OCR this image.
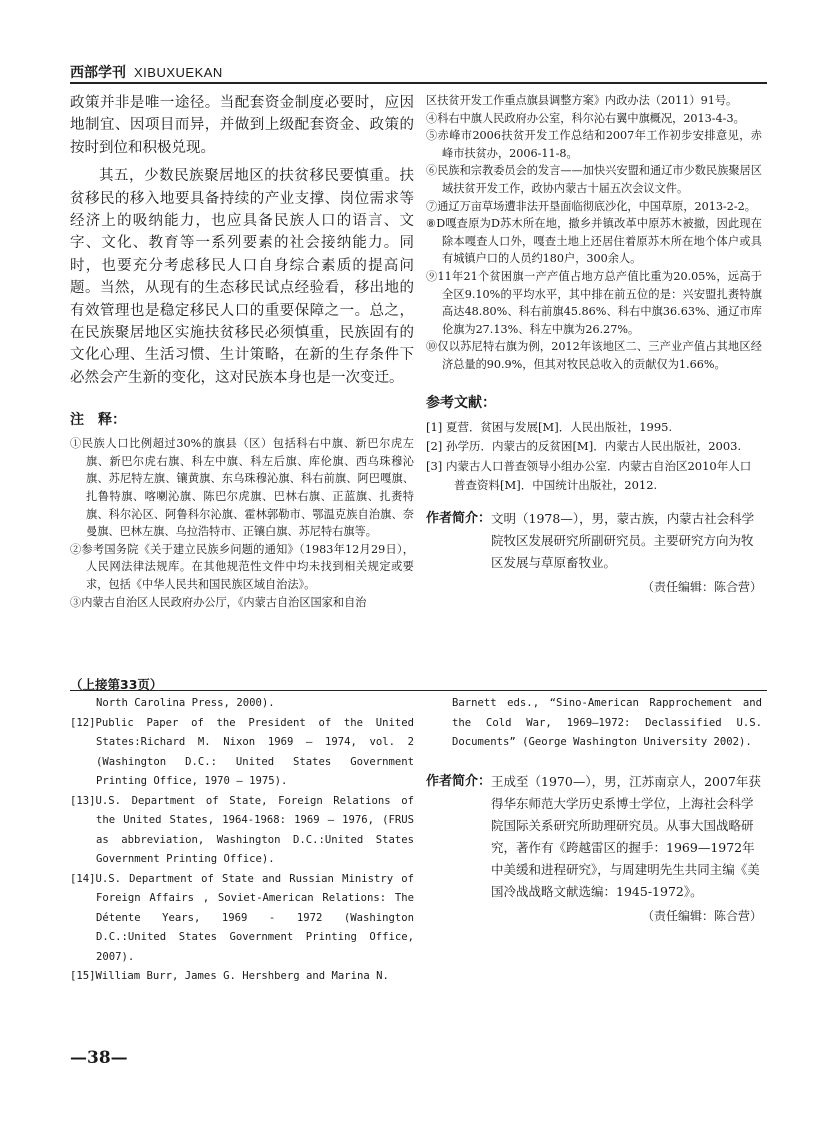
西部学刊 XIBUXUEKAN

政策并非是唯一途径。当配套资金制度必要时，应因地制宜、因项目而异，并做到上级配套资金、政策的按时到位和积极兑现。

其五，少数民族聚居地区的扶贫移民要慎重。扶贫移民的移入地要具备持续的产业支撑、岗位需求等经济上的吸纳能力，也应具备民族人口的语言、文字、文化、教育等一系列要素的社会接纳能力。同时，也要充分考虑移民人口自身综合素质的提高问题。当然，从现有的生态移民试点经验看，移出地的有效管理也是稳定移民人口的重要保障之一。总之，在民族聚居地区实施扶贫移民必须慎重，民族固有的文化心理、生活习惯、生计策略，在新的生存条件下必然会产生新的变化，这对民族本身也是一次变迁。

注　释：

①民族人口比例超过30%的旗县（区）包括科右中旗、新巴尔虎左旗、新巴尔虎右旗、科左中旗、科左后旗、库伦旗、西乌珠穆沁旗、苏尼特左旗、镶黄旗、东乌珠穆沁旗、科右前旗、阿巴嘎旗、扎鲁特旗、喀喇沁旗、陈巴尔虎旗、巴林右旗、正蓝旗、扎赉特旗、科尔沁区、阿鲁科尔沁旗、霍林郭勒市、鄂温克族自治旗、奈曼旗、巴林左旗、乌拉浩特市、正镶白旗、苏尼特右旗等。

②参考国务院《关于建立民族乡问题的通知》（1983年12月29日），人民网法律法规库。在其他规范性文件中均未找到相关规定或要求，包括《中华人民共和国民族区域自治法》。

③内蒙古自治区人民政府办公厅，《内蒙古自治区国家和自治

区扶贫开发工作重点旗县调整方案》内政办法（2011）91号。

④科右中旗人民政府办公室，科尔沁右翼中旗概况，2013-4-3。

⑤赤峰市2006扶贫开发工作总结和2007年工作初步安排意见，赤峰市扶贫办，2006-11-8。

⑥民族和宗教委员会的发言——加快兴安盟和通辽市少数民族聚居区域扶贫开发工作，政协内蒙古十届五次会议文件。

⑦通辽万亩草场遭非法开垦面临彻底沙化，中国草原，2013-2-2。

⑧D嘎查原为D苏木所在地，撤乡并镇改革中原苏木被撤，因此现在除本嘎查人口外，嘎查土地上还居住着原苏木所在地个体户或具有城镇户口的人员约180户，300余人。

⑨11年21个贫困旗一产产值占地方总产值比重为20.05%，远高于全区9.10%的平均水平，其中排在前五位的是：兴安盟扎赉特旗高达48.80%、科右前旗45.86%、科右中旗36.63%、通辽市库伦旗为27.13%、科左中旗为26.27%。

⑩仅以苏尼特右旗为例，2012年该地区二、三产业产值占其地区经济总量的90.9%，但其对牧民总收入的贡献仅为1.66%。

参考文献：

[1] 夏营．贫困与发展[M]．人民出版社，1995.

[2] 孙学历．内蒙古的反贫困[M]．内蒙古人民出版社，2003.

[3] 内蒙古人口普查领导小组办公室．内蒙古自治区2010年人口普查资料[M]．中国统计出版社，2012.

作者简介： 文明（1978—），男，蒙古族，内蒙古社会科学院牧区发展研究所副研究员。主要研究方向为牧区发展与草原畜牧业。
（责任编辑：陈合营）
（上接第33页）

North Carolina Press, 2000).

[12]Public Paper of the President of the United States:Richard M. Nixon 1969 — 1974, vol. 2 (Washington D.C.: United States Government Printing Office, 1970 — 1975).

[13]U.S. Department of State, Foreign Relations of the United States, 1964-1968: 1969 — 1976, (FRUS as abbreviation, Washington D.C.:United States Government Printing Office).

[14]U.S. Department of State and Russian Ministry of Foreign Affairs , Soviet-American Relations: The Détente Years, 1969 - 1972 (Washington D.C.:United States Government Printing Office, 2007).

[15]William Burr, James G. Hershberg and Marina N.

Barnett eds., “Sino-American Rapprochement and the Cold War, 1969—1972: Declassified U.S. Documents” (George Washington University 2002).

作者简介： 王成至（1970—），男，江苏南京人，2007年获得华东师范大学历史系博士学位，上海社会科学院国际关系研究所助理研究员。从事大国战略研究，著作有《跨越雷区的握手：1969—1972年中美缓和进程研究》，与周建明先生共同主编《美国冷战战略文献选编：1945-1972》。
（责任编辑：陈合营）
—38—
